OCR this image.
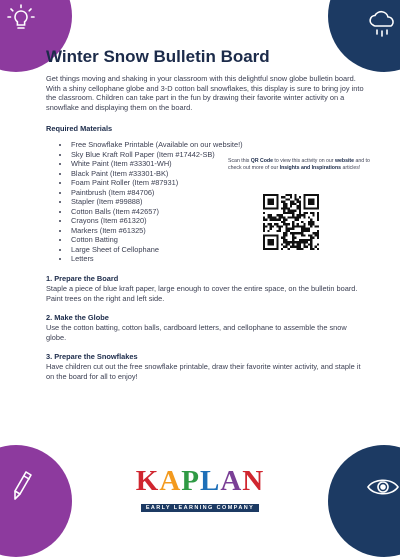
Winter Snow Bulletin Board

Get things moving and shaking in your classroom with this delightful snow globe bulletin board. With a shiny cellophane globe and 3-D cotton ball snowflakes, this display is sure to bring joy into the classroom. Children can take part in the fun by drawing their favorite winter activity on a snowflake and displaying them on the board.

Required Materials

• Free Snowflake Printable (Available on our website!)
• Sky Blue Kraft Roll Paper (Item #17442-SB)
• White Paint (Item #33301-WH)
• Black Paint (Item #33301-BK)
• Foam Paint Roller (Item #87931)
• Paintbrush (Item #84706)
• Stapler (Item #99888)
• Cotton Balls (Item #42657)
• Crayons (Item #61320)
• Markers (Item #61325)
• Cotton Batting
• Large Sheet of Cellophane
• Letters

Scan this QR Code to view this activity on our website and to check out more of our Insights and Inspirations articles!

1. Prepare the Board

Staple a piece of blue kraft paper, large enough to cover the entire space, on the bulletin board. Paint trees on the right and left side.

2. Make the Globe

Use the cotton batting, cotton balls, cardboard letters, and cellophane to assemble the snow globe.

3. Prepare the Snowflakes

Have children cut out the free snowflake printable, draw their favorite winter activity, and staple it on the board for all to enjoy!

KAPLAN
EARLY LEARNING COMPANY
